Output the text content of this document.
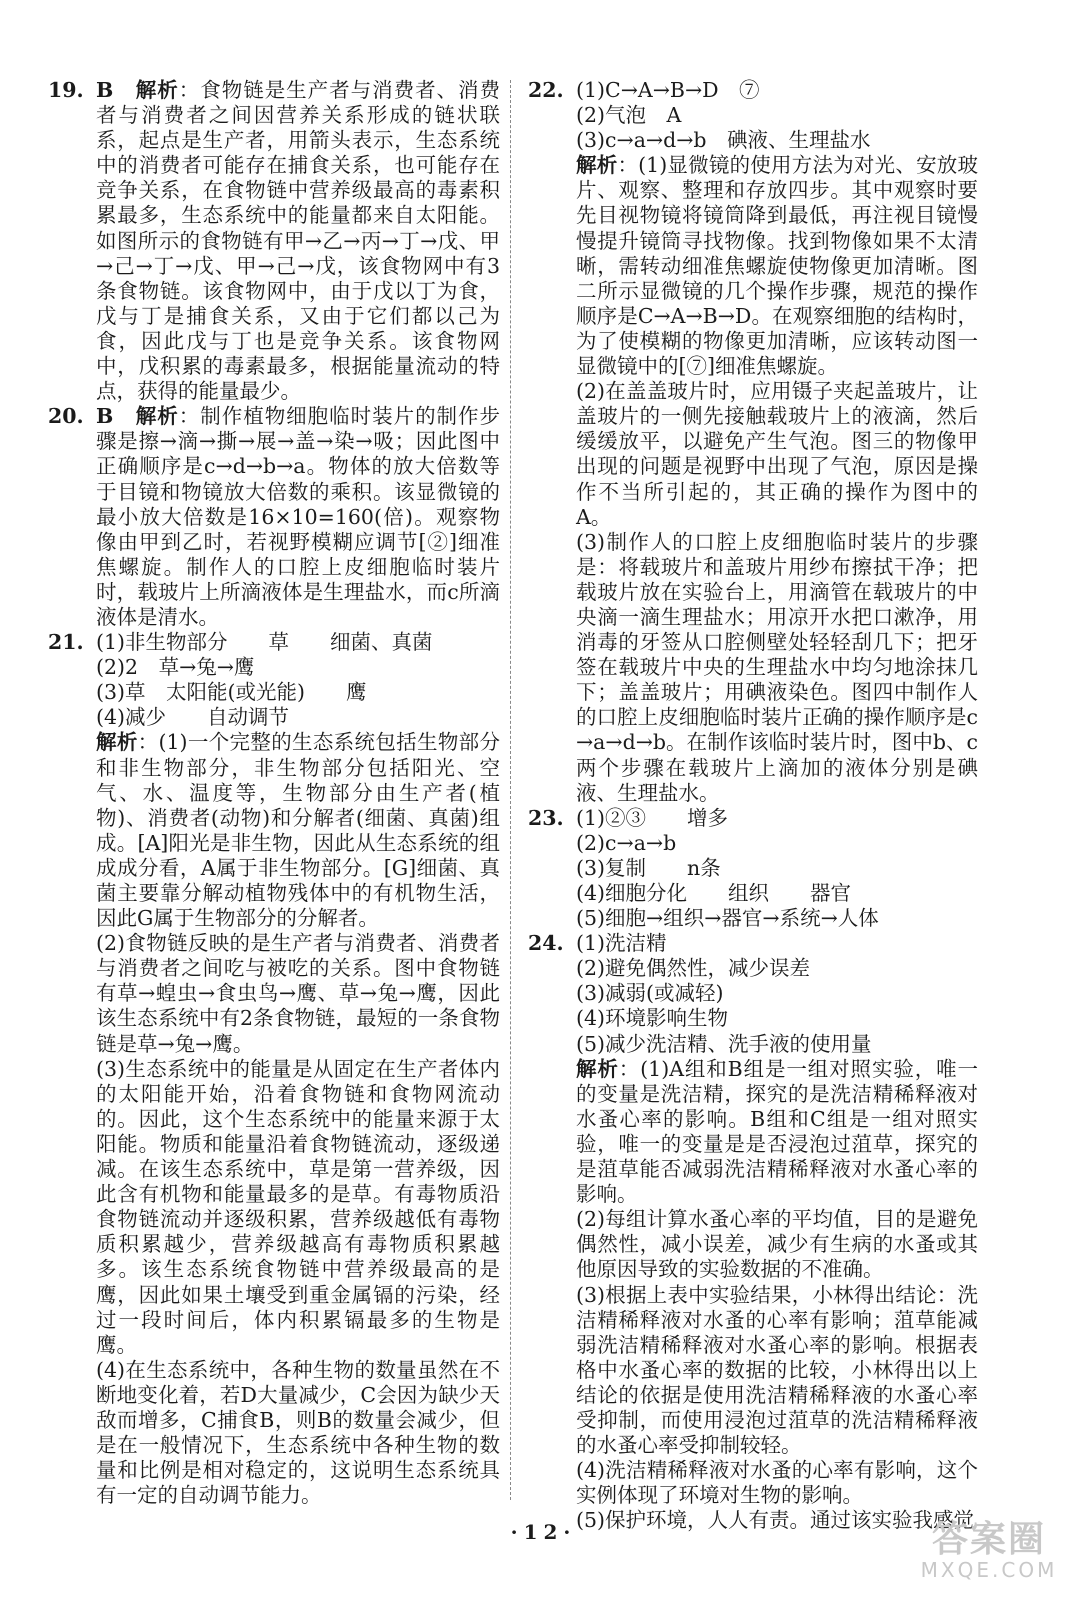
19. B　解析：食物链是生产者与消费者、消费者与消费者之间因营养关系形成的链状联系，起点是生产者，用箭头表示，生态系统中的消费者可能存在捕食关系，也可能存在竞争关系，在食物链中营养级最高的毒素积累最多，生态系统中的能量都来自太阳能。如图所示的食物链有甲→乙→丙→丁→戊、甲→己→丁→戊、甲→己→戊，该食物网中有3条食物链。该食物网中，由于戊以丁为食，戊与丁是捕食关系，又由于它们都以己为食，因此戊与丁也是竞争关系。该食物网中，戊积累的毒素最多，根据能量流动的特点，获得的能量最少。
20. B　解析：制作植物细胞临时装片的制作步骤是擦→滴→撕→展→盖→染→吸；因此图中正确顺序是c→d→b→a。物体的放大倍数等于目镜和物镜放大倍数的乘积。该显微镜的最小放大倍数是16×10=160(倍)。观察物像由甲到乙时，若视野模糊应调节[②]细准焦螺旋。制作人的口腔上皮细胞临时装片时，载玻片上所滴液体是生理盐水，而c所滴液体是清水。
21. (1)非生物部分　　草　　细菌、真菌
(2)2　草→兔→鹰
(3)草　太阳能(或光能)　　鹰
(4)减少　　自动调节
解析：(1)一个完整的生态系统包括生物部分和非生物部分，非生物部分包括阳光、空气、水、温度等，生物部分由生产者(植物)、消费者(动物)和分解者(细菌、真菌)组成。[A]阳光是非生物，因此从生态系统的组成成分看，A属于非生物部分。[G]细菌、真菌主要靠分解动植物残体中的有机物生活，因此G属于生物部分的分解者。
(2)食物链反映的是生产者与消费者、消费者与消费者之间吃与被吃的关系。图中食物链有草→蝗虫→食虫鸟→鹰、草→兔→鹰，因此该生态系统中有2条食物链，最短的一条食物链是草→兔→鹰。
(3)生态系统中的能量是从固定在生产者体内的太阳能开始，沿着食物链和食物网流动的。因此，这个生态系统中的能量来源于太阳能。物质和能量沿着食物链流动，逐级递减。在该生态系统中，草是第一营养级，因此含有机物和能量最多的是草。有毒物质沿食物链流动并逐级积累，营养级越低有毒物质积累越少，营养级越高有毒物质积累越多。该生态系统食物链中营养级最高的是鹰，因此如果土壤受到重金属镉的污染，经过一段时间后，体内积累镉最多的生物是鹰。
(4)在生态系统中，各种生物的数量虽然在不断地变化着，若D大量减少，C会因为缺少天敌而增多，C捕食B，则B的数量会减少，但是在一般情况下，生态系统中各种生物的数量和比例是相对稳定的，这说明生态系统具有一定的自动调节能力。
22. (1)C→A→B→D　⑦
(2)气泡　A
(3)c→a→d→b　碘液、生理盐水
解析：(1)显微镜的使用方法为对光、安放玻片、观察、整理和存放四步。其中观察时要先目视物镜将镜筒降到最低，再注视目镜慢慢提升镜筒寻找物像。找到物像如果不太清晰，需转动细准焦螺旋使物像更加清晰。图二所示显微镜的几个操作步骤，规范的操作顺序是C→A→B→D。在观察细胞的结构时，为了使模糊的物像更加清晰，应该转动图一显微镜中的[⑦]细准焦螺旋。
(2)在盖盖玻片时，应用镊子夹起盖玻片，让盖玻片的一侧先接触载玻片上的液滴，然后缓缓放平，以避免产生气泡。图三的物像甲出现的问题是视野中出现了气泡，原因是操作不当所引起的，其正确的操作为图中的A。
(3)制作人的口腔上皮细胞临时装片的步骤是：将载玻片和盖玻片用纱布擦拭干净；把载玻片放在实验台上，用滴管在载玻片的中央滴一滴生理盐水；用凉开水把口漱净，用消毒的牙签从口腔侧壁处轻轻刮几下；把牙签在载玻片中央的生理盐水中均匀地涂抹几下；盖盖玻片；用碘液染色。图四中制作人的口腔上皮细胞临时装片正确的操作顺序是c→a→d→b。在制作该临时装片时，图中b、c两个步骤在载玻片上滴加的液体分别是碘液、生理盐水。
23. (1)②③　　增多
(2)c→a→b
(3)复制　　n条
(4)细胞分化　　组织　　器官
(5)细胞→组织→器官→系统→人体
24. (1)洗洁精
(2)避免偶然性，减少误差
(3)减弱(或减轻)
(4)环境影响生物
(5)减少洗洁精、洗手液的使用量
解析：(1)A组和B组是一组对照实验，唯一的变量是洗洁精，探究的是洗洁精稀释液对水蚤心率的影响。B组和C组是一组对照实验，唯一的变量是是否浸泡过菹草，探究的是菹草能否减弱洗洁精稀释液对水蚤心率的影响。
(2)每组计算水蚤心率的平均值，目的是避免偶然性，减小误差，减少有生病的水蚤或其他原因导致的实验数据的不准确。
(3)根据上表中实验结果，小林得出结论：洗洁精稀释液对水蚤的心率有影响；菹草能减弱洗洁精稀释液对水蚤心率的影响。根据表格中水蚤心率的数据的比较，小林得出以上结论的依据是使用洗洁精稀释液的水蚤心率受抑制，而使用浸泡过菹草的洗洁精稀释液的水蚤心率受抑制较轻。
(4)洗洁精稀释液对水蚤的心率有影响，这个实例体现了环境对生物的影响。
(5)保护环境，人人有责。通过该实验我感觉
·12·	答案圈
MXQE.COM
